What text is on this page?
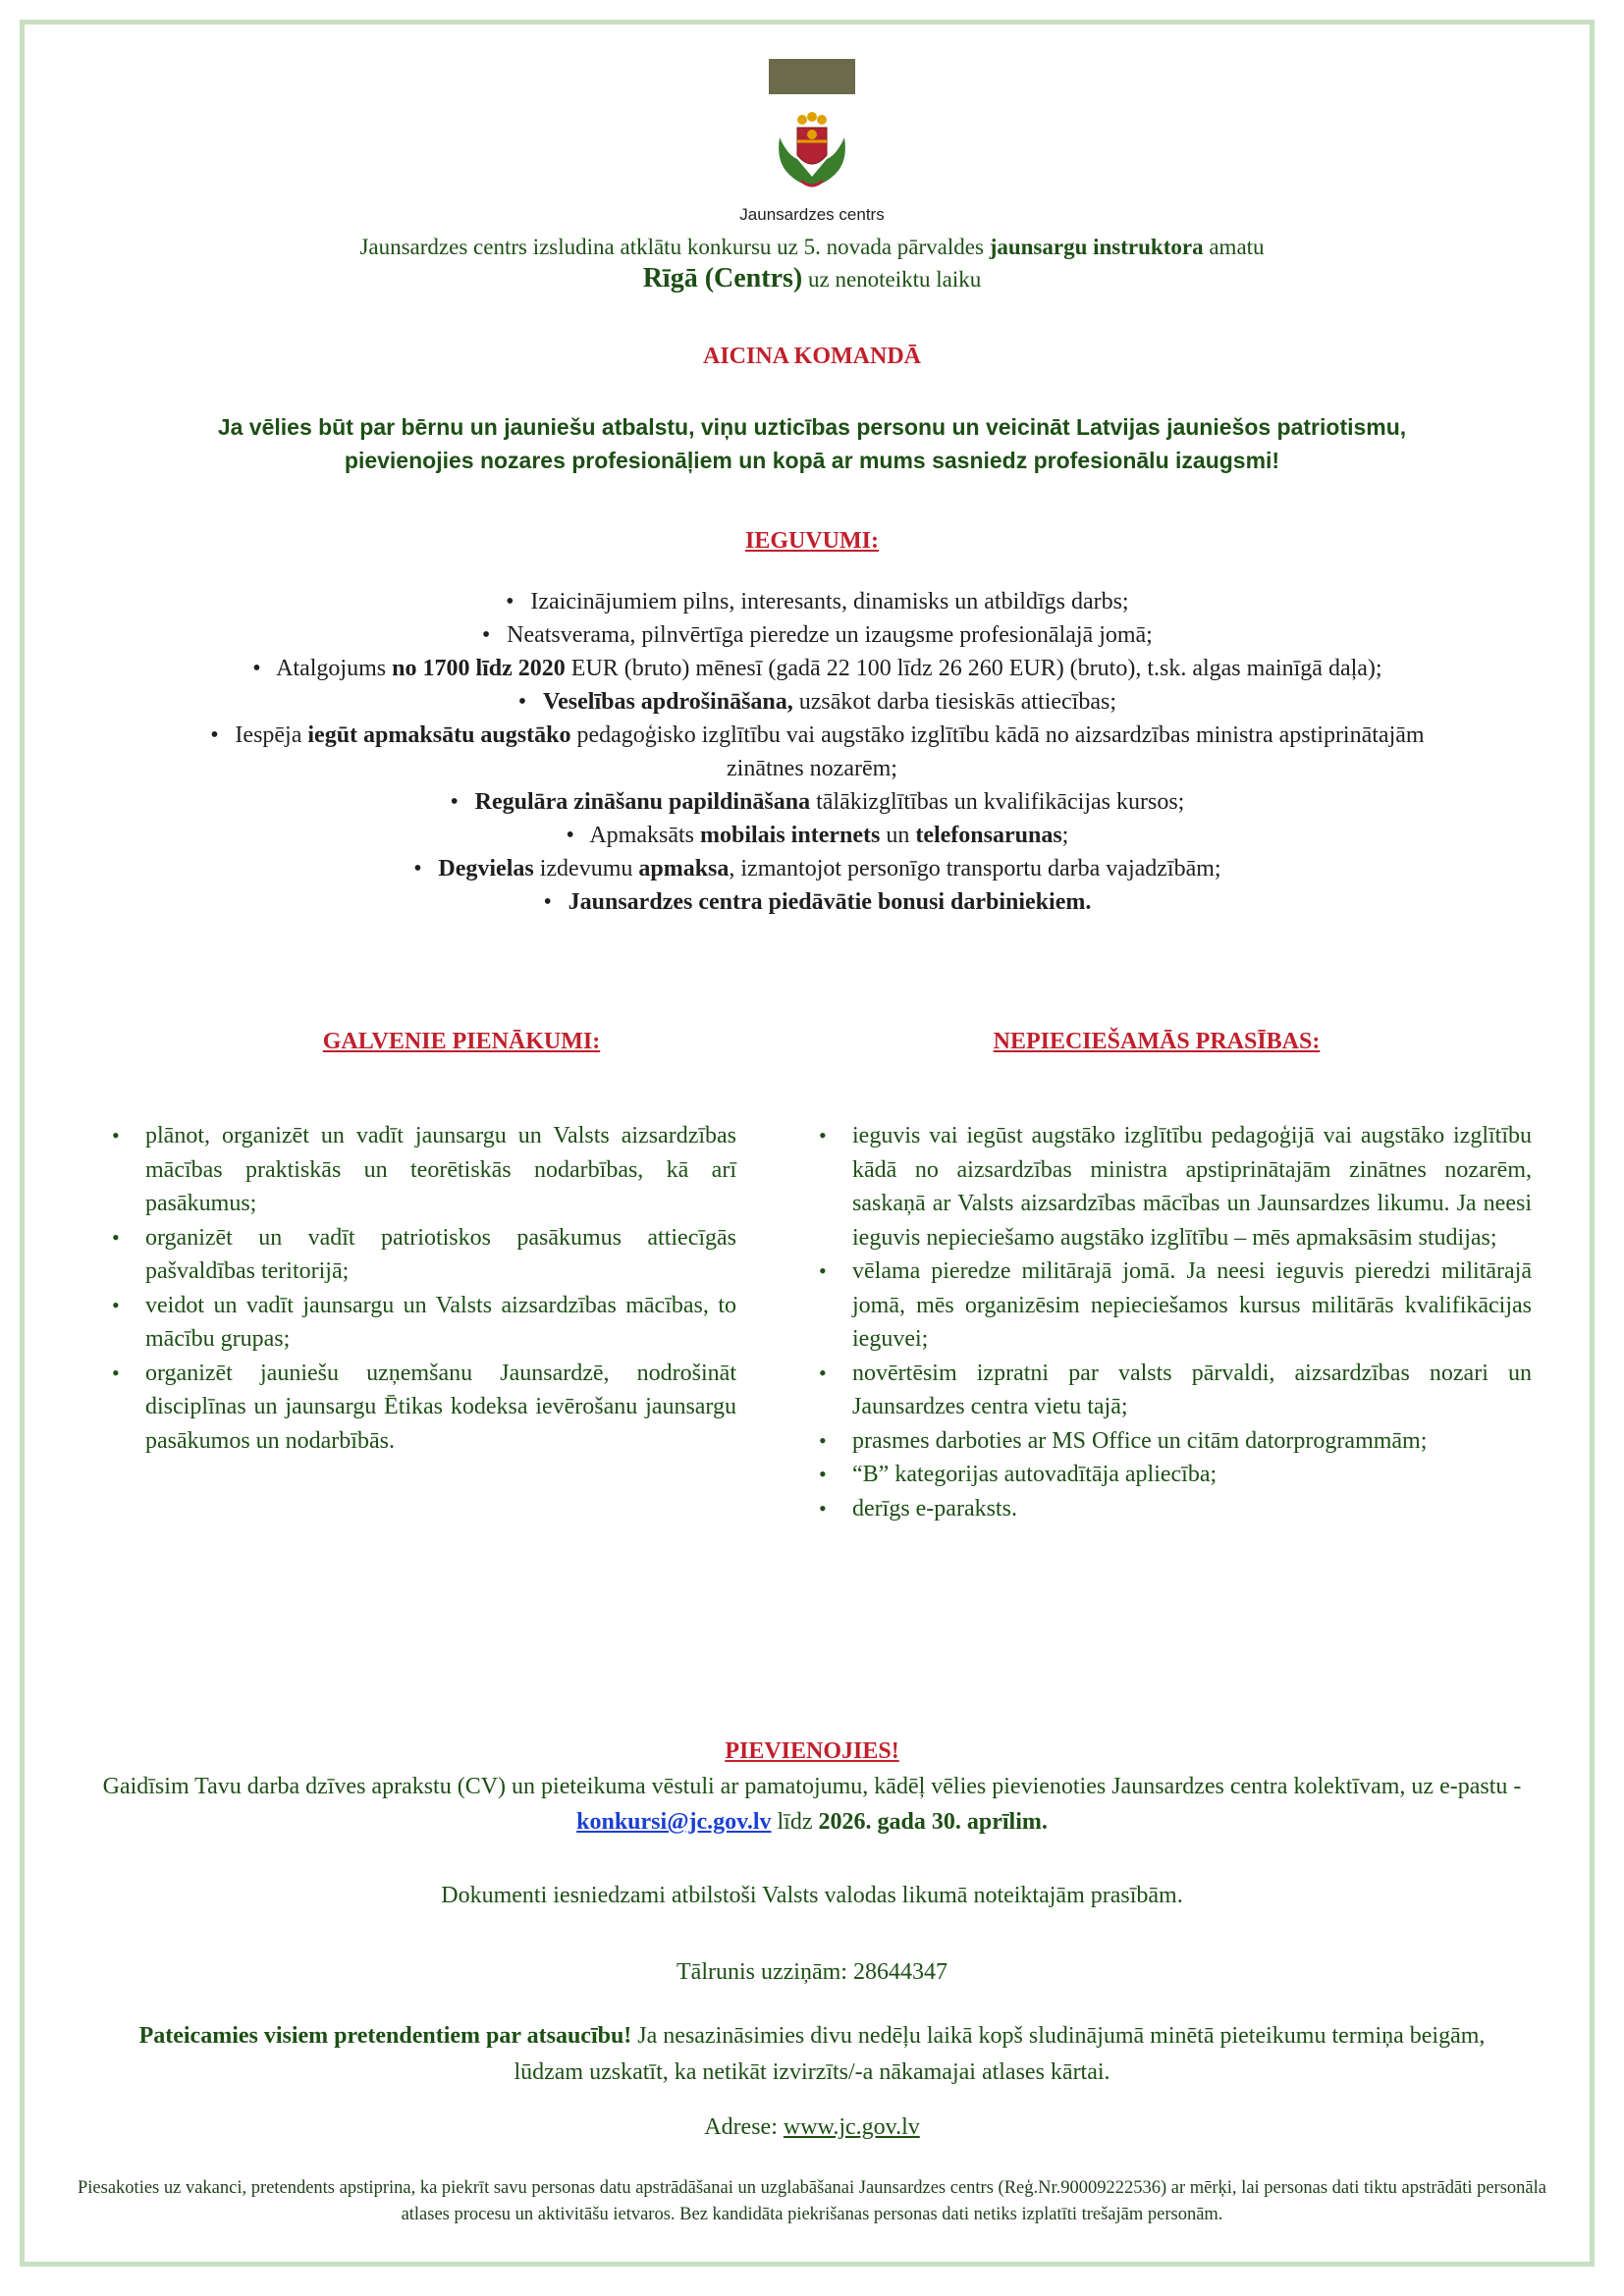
Jaunsardzes centrs
Jaunsardzes centrs izsludina atklātu konkursu uz 5. novada pārvaldes jaunsargu instruktora amatu
Rīgā (Centrs) uz nenoteiktu laiku
AICINA KOMANDĀ
Ja vēlies būt par bērnu un jauniešu atbalstu, viņu uzticības personu un veicināt Latvijas jauniešos patriotismu, pievienojies nozares profesionāļiem un kopā ar mums sasniedz profesionālu izaugsmi!
IEGUVUMI:
• Izaicinājumiem pilns, interesants, dinamisks un atbildīgs darbs;
• Neatsverama, pilnvērtīga pieredze un izaugsme profesionālajā jomā;
• Atalgojums no 1700 līdz 2020 EUR (bruto) mēnesī (gadā 22 100 līdz 26 260 EUR) (bruto), t.sk. algas mainīgā daļa);
• Veselības apdrošināšana, uzsākot darba tiesiskās attiecības;
• Iespēja iegūt apmaksātu augstāko pedagoģisko izglītību vai augstāko izglītību kādā no aizsardzības ministra apstiprinātajām zinātnes nozarēm;
• Regulāra zināšanu papildināšana tālākizglītības un kvalifikācijas kursos;
• Apmaksāts mobilais internets un telefonsarunas;
• Degvielas izdevumu apmaksa, izmantojot personīgo transportu darba vajadzībām;
• Jaunsardzes centra piedāvātie bonusi darbiniekiem.
GALVENIE PIENĀKUMI:	NEPIECIEŠAMĀS PRASĪBAS:
• plānot, organizēt un vadīt jaunsargu un Valsts aizsardzības mācības praktiskās un teorētiskās nodarbības, kā arī pasākumus;
• organizēt un vadīt patriotiskos pasākumus attiecīgās pašvaldības teritorijā;
• veidot un vadīt jaunsargu un Valsts aizsardzības mācības, to mācību grupas;
• organizēt jauniešu uzņemšanu Jaunsardzē, nodrošināt disciplīnas un jaunsargu Ētikas kodeksa ievērošanu jaunsargu pasākumos un nodarbībās.
• ieguvis vai iegūst augstāko izglītību pedagoģijā vai augstāko izglītību kādā no aizsardzības ministra apstiprinātajām zinātnes nozarēm, saskaņā ar Valsts aizsardzības mācības un Jaunsardzes likumu. Ja neesi ieguvis nepieciešamo augstāko izglītību – mēs apmaksāsim studijas;
• vēlama pieredze militārajā jomā. Ja neesi ieguvis pieredzi militārajā jomā, mēs organizēsim nepieciešamos kursus militārās kvalifikācijas ieguvei;
• novērtēsim izpratni par valsts pārvaldi, aizsardzības nozari un Jaunsardzes centra vietu tajā;
• prasmes darboties ar MS Office un citām datorprogrammām;
• “B” kategorijas autovadītāja apliecība;
• derīgs e-paraksts.
PIEVIENOJIES!
Gaidīsim Tavu darba dzīves aprakstu (CV) un pieteikuma vēstuli ar pamatojumu, kādēļ vēlies pievienoties Jaunsardzes centra kolektīvam, uz e-pastu - konkursi@jc.gov.lv līdz 2026. gada 30. aprīlim.
Dokumenti iesniedzami atbilstoši Valsts valodas likumā noteiktajām prasībām.
Tālrunis uzziņām: 28644347
Pateicamies visiem pretendentiem par atsaucību! Ja nesazināsimies divu nedēļu laikā kopš sludinājumā minētā pieteikumu termiņa beigām, lūdzam uzskatīt, ka netikāt izvirzīts/-a nākamajai atlases kārtai.
Adrese: www.jc.gov.lv
Piesakoties uz vakanci, pretendents apstiprina, ka piekrīt savu personas datu apstrādāšanai un uzglabāšanai Jaunsardzes centrs (Reģ.Nr.90009222536) ar mērķi, lai personas dati tiktu apstrādāti personāla atlases procesu un aktivitāšu ietvaros. Bez kandidāta piekrišanas personas dati netiks izplatīti trešajām personām.
